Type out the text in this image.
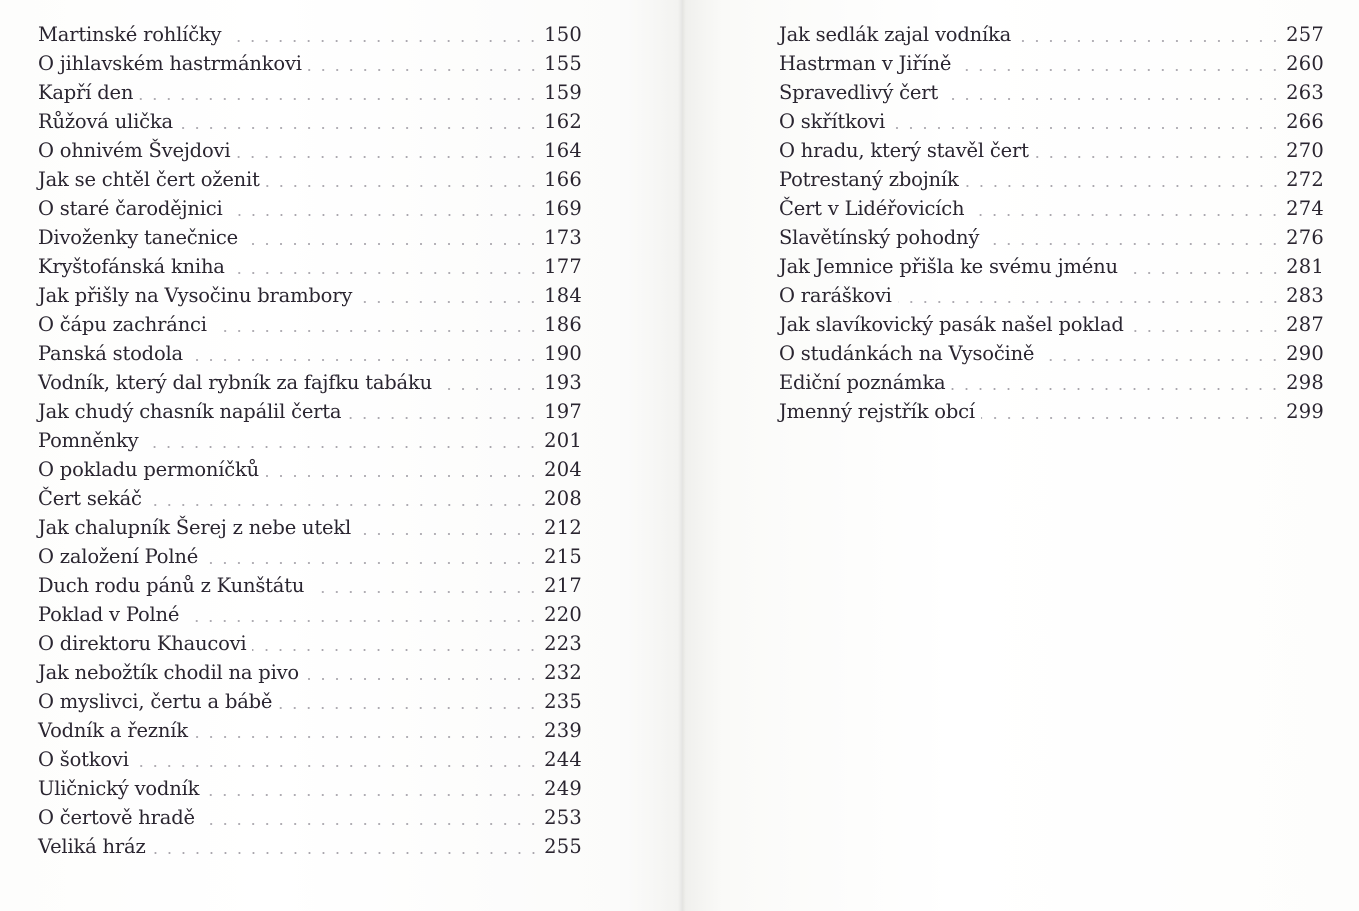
Martinské rohlíčky	150
O jihlavském hastrmánkovi	155
Kapří den	159
Růžová ulička	162
O ohnivém Švejdovi	164
Jak se chtěl čert oženit	166
O staré čarodějnici	169
Divoženky tanečnice	173
Kryštofánská kniha	177
Jak přišly na Vysočinu brambory	184
O čápu zachránci	186
Panská stodola	190
Vodník, který dal rybník za fajfku tabáku	193
Jak chudý chasník napálil čerta	197
Pomněnky	201
O pokladu permoníčků	204
Čert sekáč	208
Jak chalupník Šerej z nebe utekl	212
O založení Polné	215
Duch rodu pánů z Kunštátu	217
Poklad v Polné	220
O direktoru Khaucovi	223
Jak nebožtík chodil na pivo	232
O myslivci, čertu a bábě	235
Vodník a řezník	239
O šotkovi	244
Uličnický vodník	249
O čertově hradě	253
Veliká hráz	255
Jak sedlák zajal vodníka	257
Hastrman v Jiříně	260
Spravedlivý čert	263
O skřítkovi	266
O hradu, který stavěl čert	270
Potrestaný zbojník	272
Čert v Lidéřovicích	274
Slavětínský pohodný	276
Jak Jemnice přišla ke svému jménu	281
O raráškovi	283
Jak slavíkovický pasák našel poklad	287
O studánkách na Vysočině	290
Ediční poznámka	298
Jmenný rejstřík obcí	299
